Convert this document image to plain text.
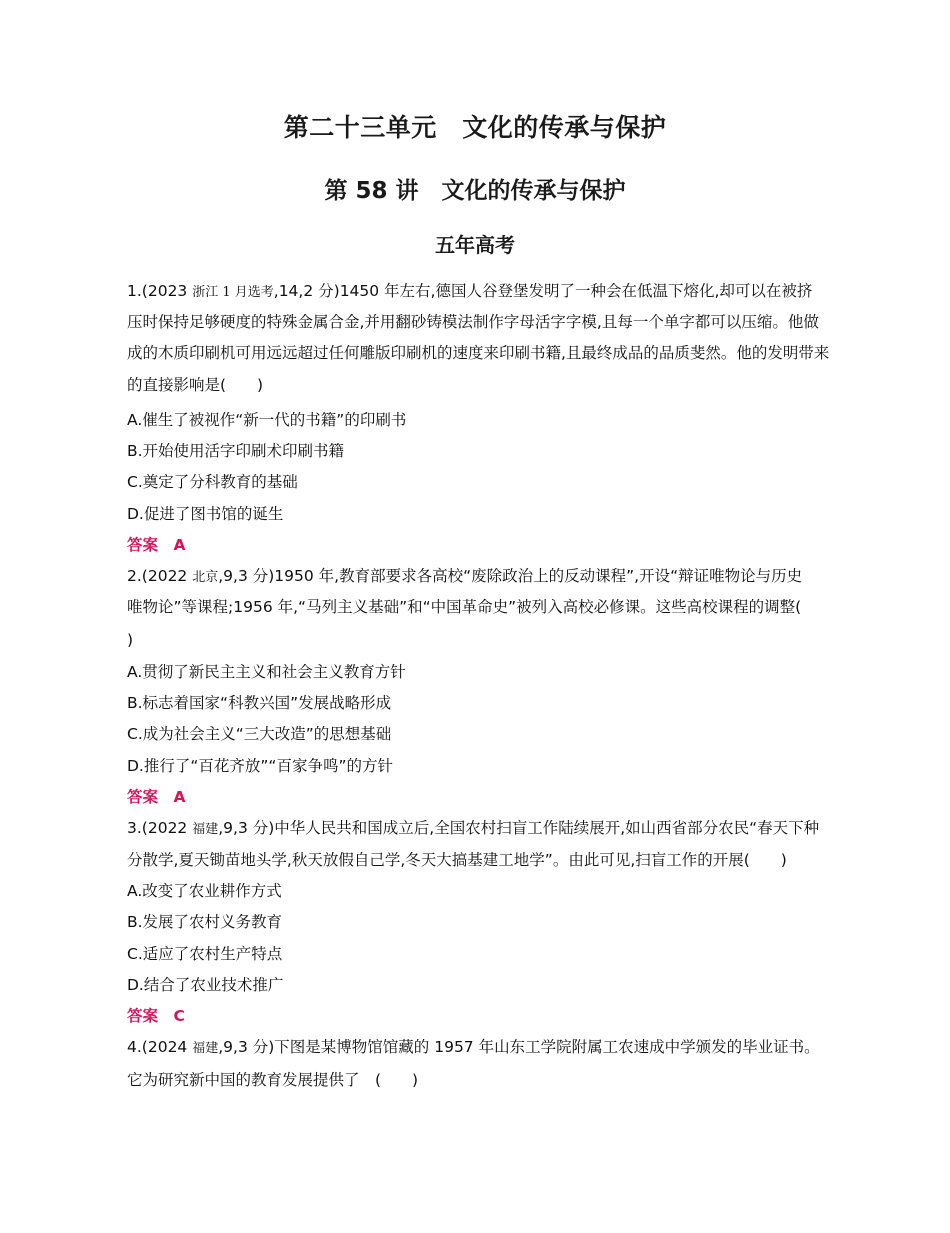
第二十三单元　文化的传承与保护
第 58 讲　文化的传承与保护
五年高考
1.(2023 浙江 1 月选考,14,2 分)1450 年左右,德国人谷登堡发明了一种会在低温下熔化,却可以在被挤
压时保持足够硬度的特殊金属合金,并用翻砂铸模法制作字母活字字模,且每一个单字都可以压缩。他做
成的木质印刷机可用远远超过任何雕版印刷机的速度来印刷书籍,且最终成品的品质斐然。他的发明带来
的直接影响是(　　)
A.催生了被视作“新一代的书籍”的印刷书
B.开始使用活字印刷术印刷书籍
C.奠定了分科教育的基础
D.促进了图书馆的诞生
答案　 A
2.(2022 北京,9,3 分)1950 年,教育部要求各高校“废除政治上的反动课程”,开设“辩证唯物论与历史
唯物论”等课程;1956 年,“马列主义基础”和“中国革命史”被列入高校必修课。这些高校课程的调整(
)
A.贯彻了新民主主义和社会主义教育方针
B.标志着国家“科教兴国”发展战略形成
C.成为社会主义“三大改造”的思想基础
D.推行了“百花齐放”“百家争鸣”的方针
答案　 A
3.(2022 福建,9,3 分)中华人民共和国成立后,全国农村扫盲工作陆续展开,如山西省部分农民“春天下种
分散学,夏天锄苗地头学,秋天放假自己学,冬天大搞基建工地学”。由此可见,扫盲工作的开展(　　)
A.改变了农业耕作方式
B.发展了农村义务教育
C.适应了农村生产特点
D.结合了农业技术推广
答案　 C
4.(2024 福建,9,3 分)下图是某博物馆馆藏的 1957 年山东工学院附属工农速成中学颁发的毕业证书。
它为研究新中国的教育发展提供了　(　　)
